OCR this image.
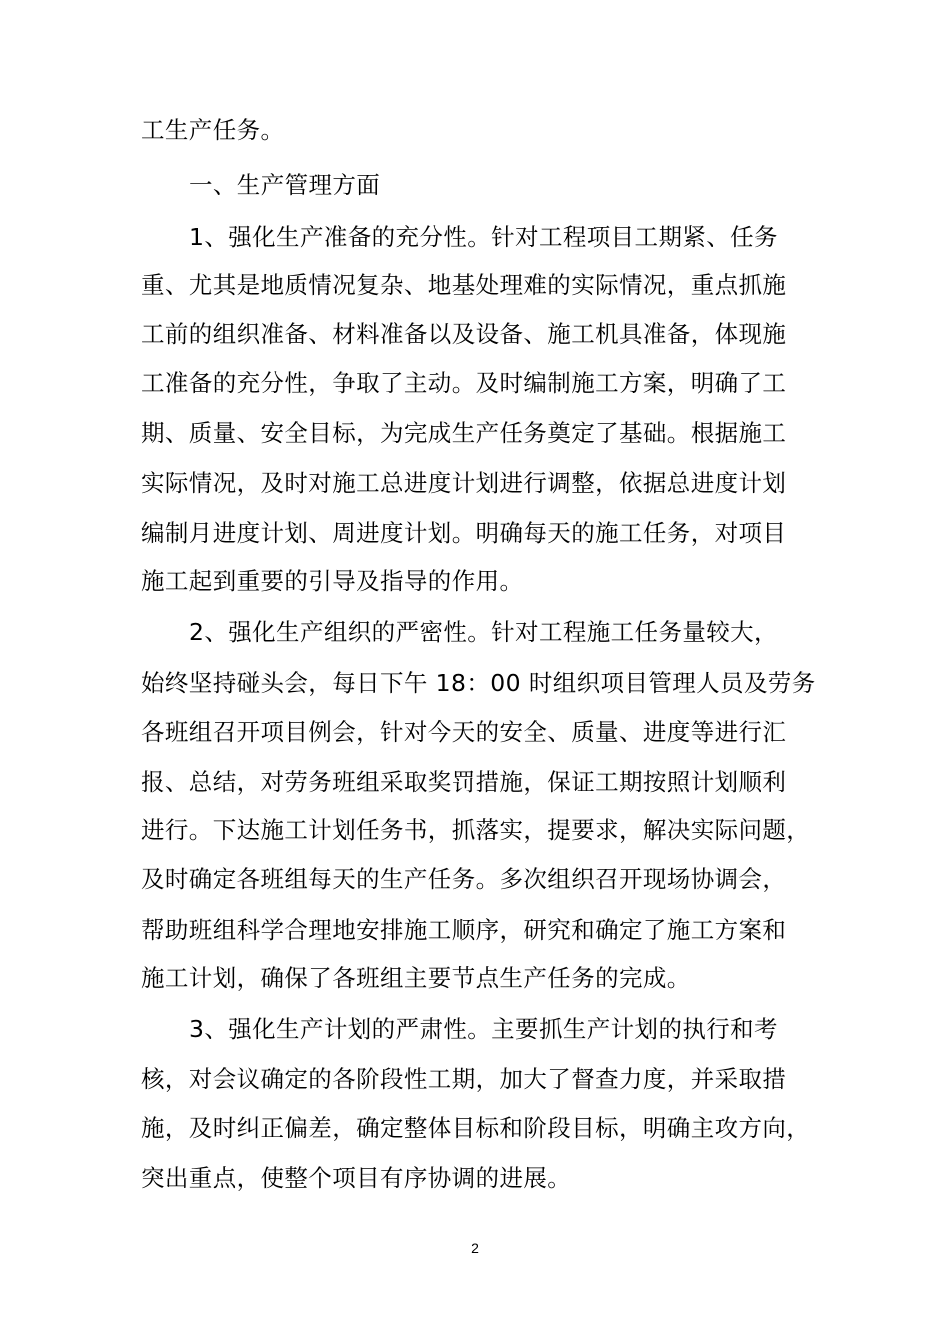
工生产任务。
一、生产管理方面
1、强化生产准备的充分性。针对工程项目工期紧、任务
重、尤其是地质情况复杂、地基处理难的实际情况，重点抓施
工前的组织准备、材料准备以及设备、施工机具准备，体现施
工准备的充分性，争取了主动。及时编制施工方案，明确了工
期、质量、安全目标，为完成生产任务奠定了基础。根据施工
实际情况，及时对施工总进度计划进行调整，依据总进度计划
编制月进度计划、周进度计划。明确每天的施工任务，对项目
施工起到重要的引导及指导的作用。
2、强化生产组织的严密性。针对工程施工任务量较大，
始终坚持碰头会，每日下午 18：00 时组织项目管理人员及劳务
各班组召开项目例会，针对今天的安全、质量、进度等进行汇
报、总结，对劳务班组采取奖罚措施，保证工期按照计划顺利
进行。下达施工计划任务书，抓落实，提要求，解决实际问题，
及时确定各班组每天的生产任务。多次组织召开现场协调会，
帮助班组科学合理地安排施工顺序，研究和确定了施工方案和
施工计划，确保了各班组主要节点生产任务的完成。
3、强化生产计划的严肃性。主要抓生产计划的执行和考
核，对会议确定的各阶段性工期，加大了督查力度，并采取措
施，及时纠正偏差，确定整体目标和阶段目标，明确主攻方向，
突出重点，使整个项目有序协调的进展。
2
